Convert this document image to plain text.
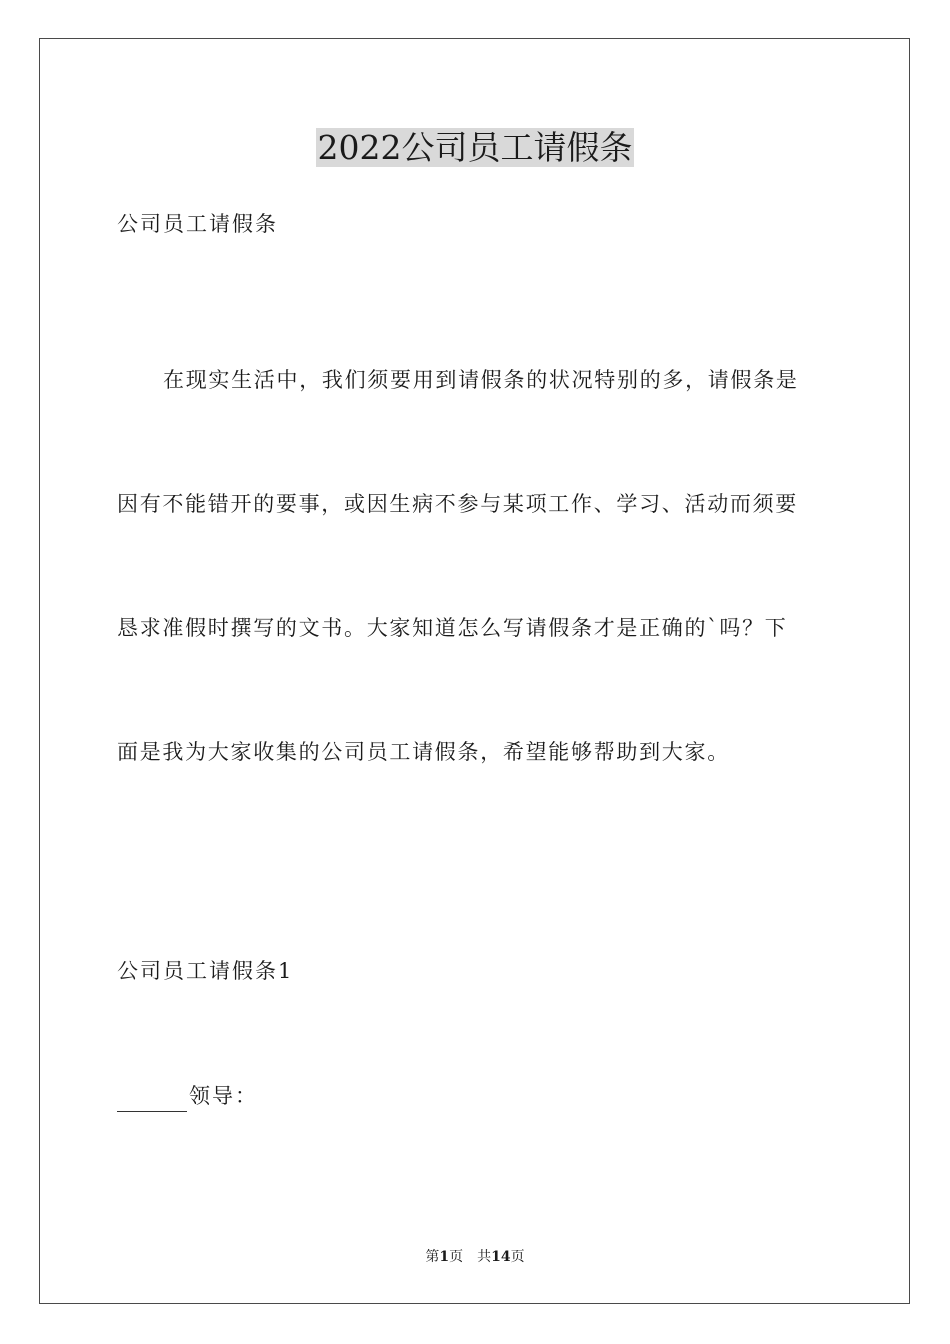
2022公司员工请假条
公司员工请假条

在现实生活中，我们须要用到请假条的状况特别的多，请假条是
因有不能错开的要事，或因生病不参与某项工作、学习、活动而须要
恳求准假时撰写的文书。大家知道怎么写请假条才是正确的`吗？下
面是我为大家收集的公司员工请假条，希望能够帮助到大家。

公司员工请假条1
领导：
第1页 共14页
